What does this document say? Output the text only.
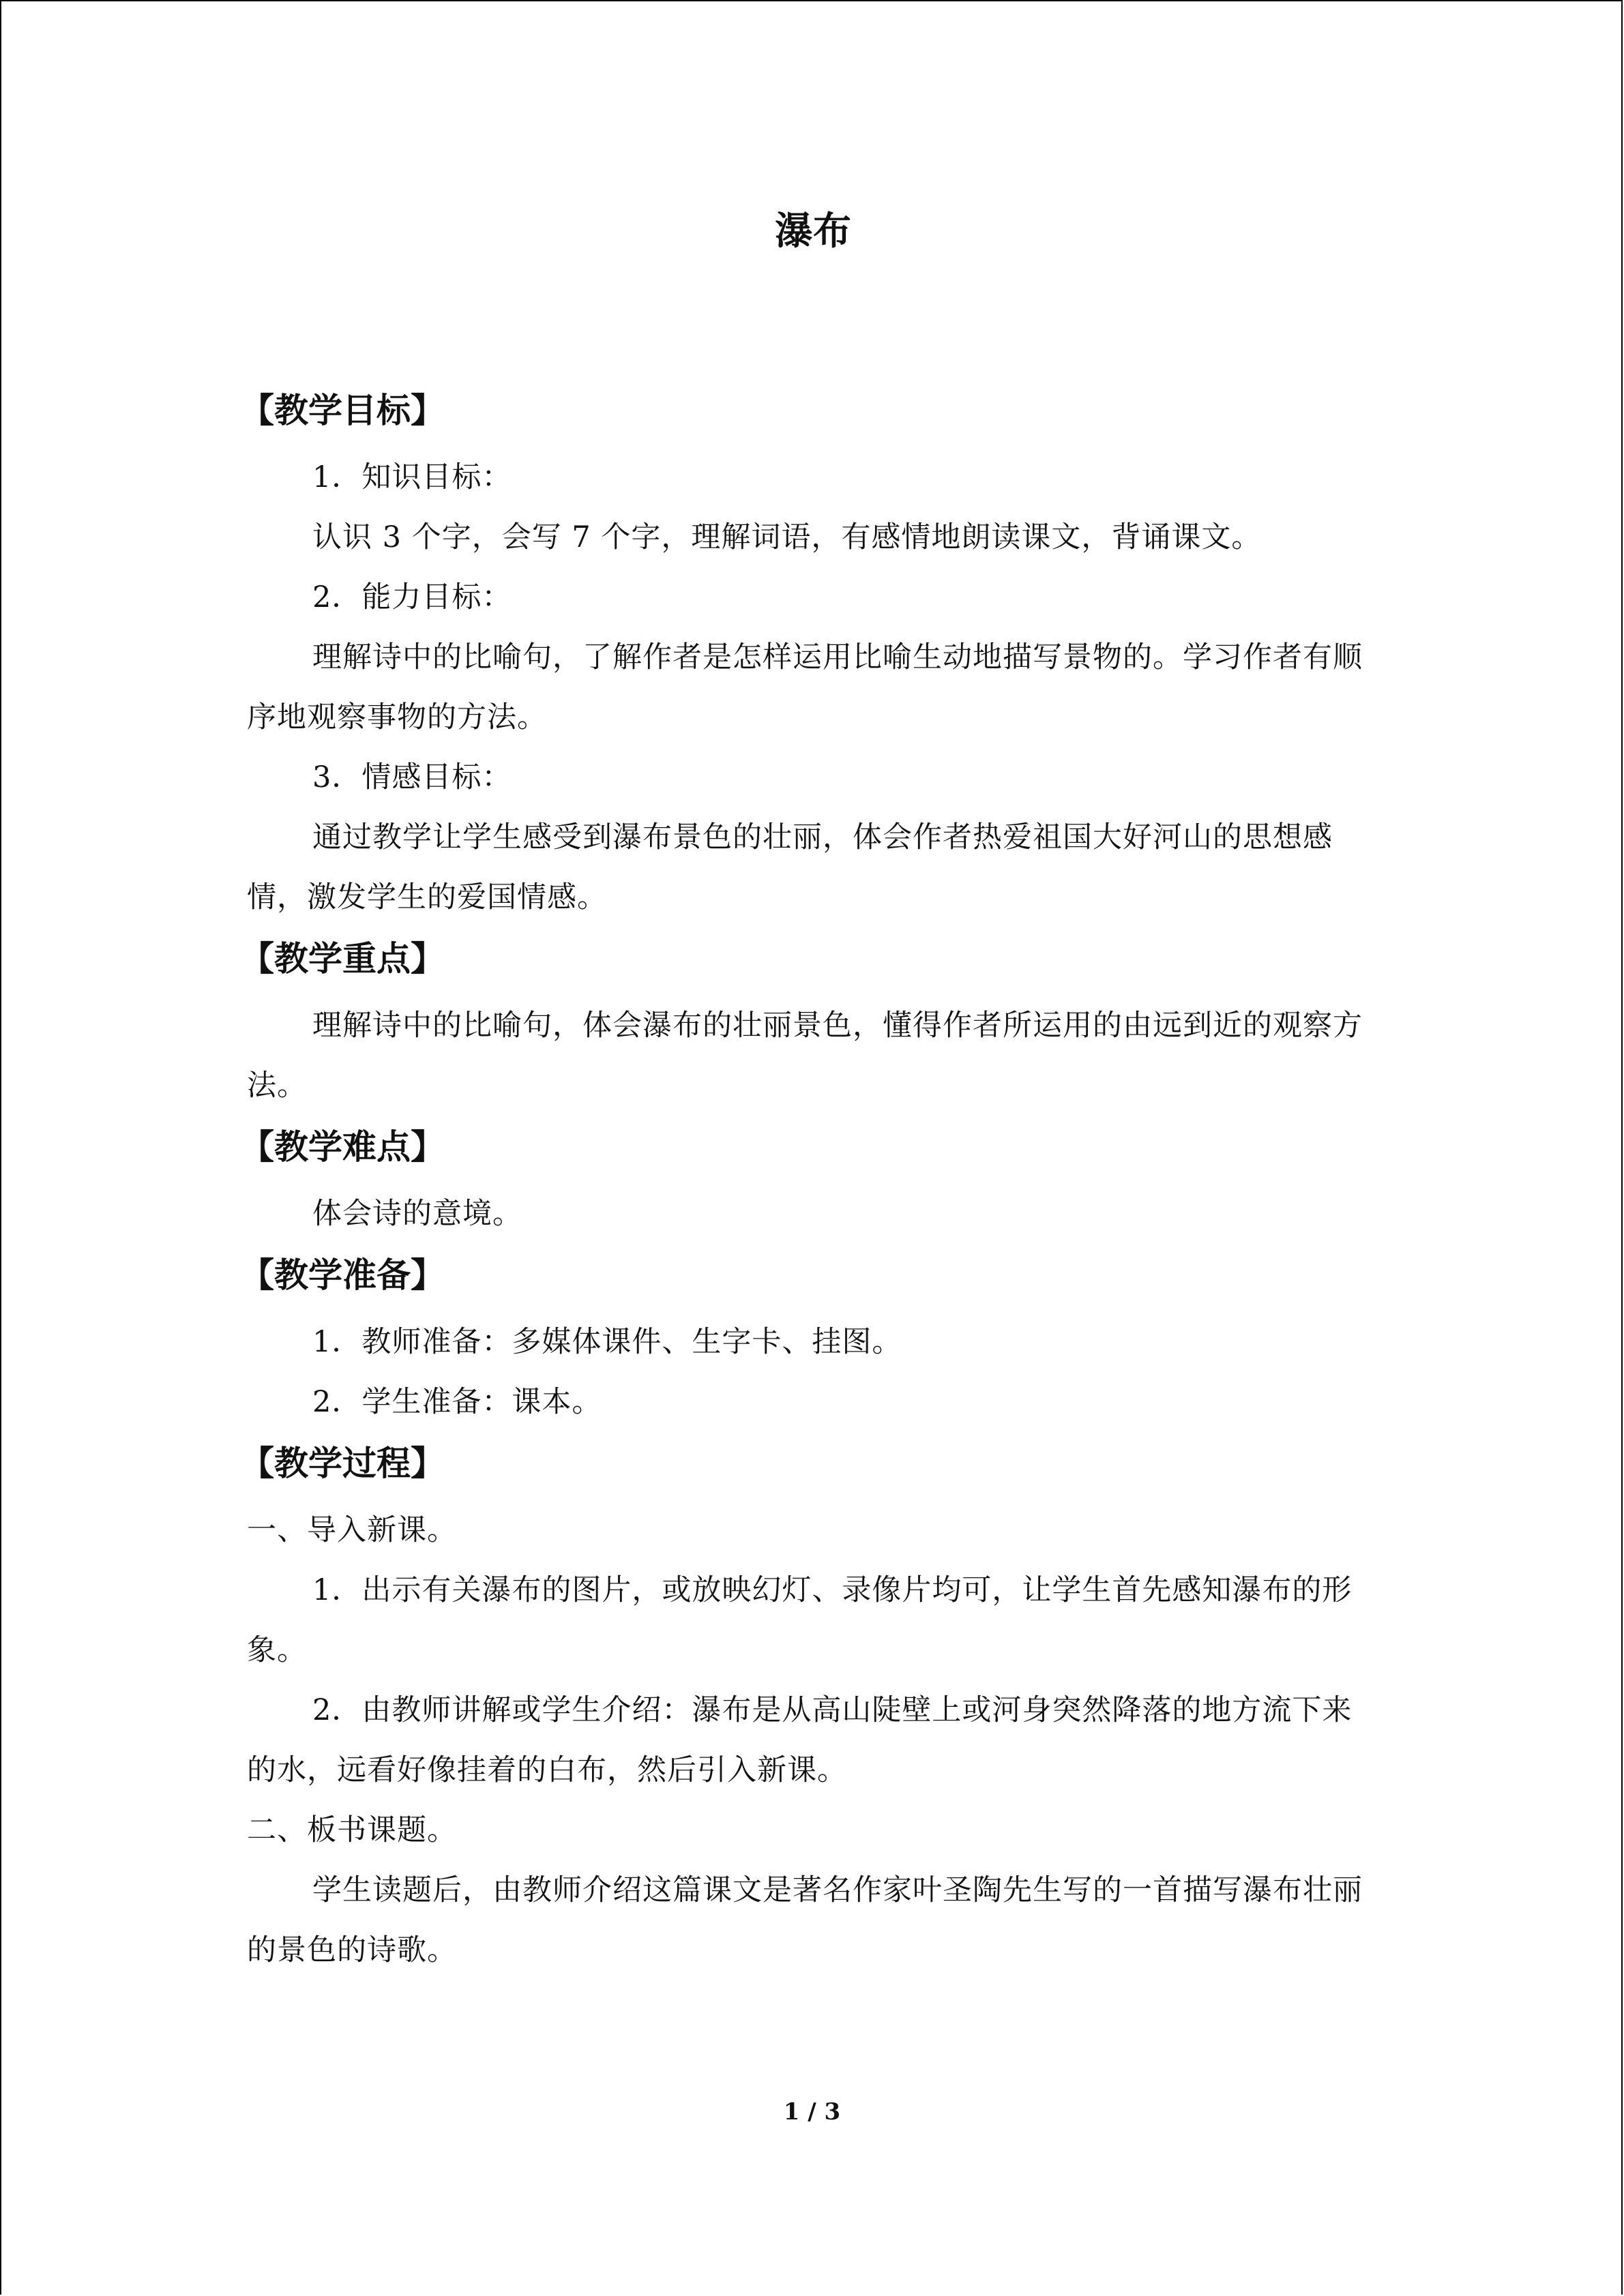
瀑布
【教学目标】

1．知识目标：

认识 3 个字，会写 7 个字，理解词语，有感情地朗读课文，背诵课文。

2．能力目标：

理解诗中的比喻句，了解作者是怎样运用比喻生动地描写景物的。学习作者有顺序地观察事物的方法。

3．情感目标：

通过教学让学生感受到瀑布景色的壮丽，体会作者热爱祖国大好河山的思想感情，激发学生的爱国情感。

【教学重点】

理解诗中的比喻句，体会瀑布的壮丽景色，懂得作者所运用的由远到近的观察方法。

【教学难点】

体会诗的意境。

【教学准备】

1．教师准备：多媒体课件、生字卡、挂图。

2．学生准备：课本。

【教学过程】

一、导入新课。

1．出示有关瀑布的图片，或放映幻灯、录像片均可，让学生首先感知瀑布的形象。

2．由教师讲解或学生介绍：瀑布是从高山陡壁上或河身突然降落的地方流下来的水，远看好像挂着的白布，然后引入新课。

二、板书课题。

学生读题后，由教师介绍这篇课文是著名作家叶圣陶先生写的一首描写瀑布壮丽的景色的诗歌。

1 / 3
